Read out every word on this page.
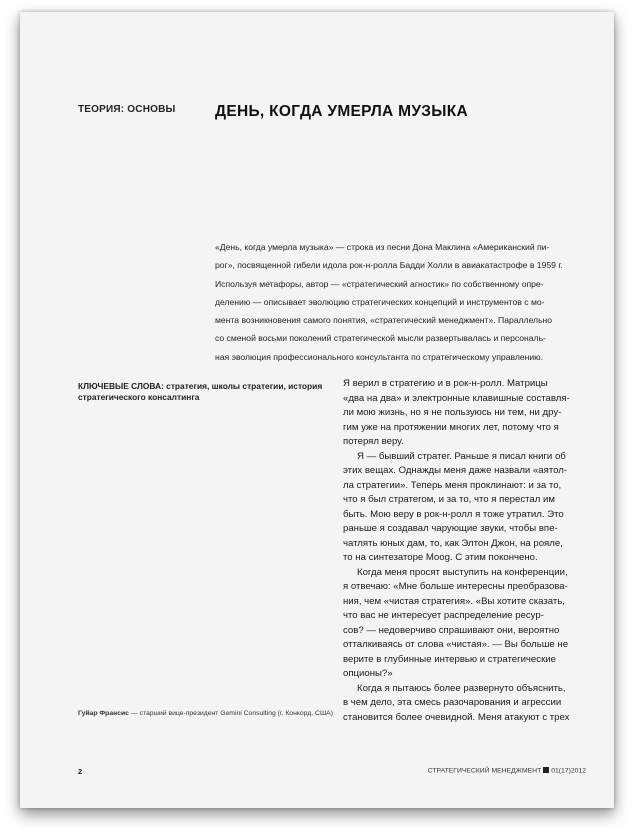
ТЕОРИЯ: ОСНОВЫ	ДЕНЬ, КОГДА УМЕРЛА МУЗЫКА
«День, когда умерла музыка» — строка из песни Дона Маклина «Американский пи-
рог», посвященной гибели идола рок-н-ролла Бадди Холли в авиакатастрофе в 1959 г.
Используя метафоры, автор — «стратегический агностик» по собственному опре-
делению — описывает эволюцию стратегических концепций и инструментов с мо-
мента возникновения самого понятия, «стратегический менеджмент». Параллельно
со сменой восьми поколений стратегической мысли развертывалась и персональ-
ная эволюция профессионального консультанта по стратегическому управлению.
КЛЮЧЕВЫЕ СЛОВА: стратегия, школы стратегии, история стратегического консалтинга
Гуйар Франсис — старший вице-президент Gemini Consulting (г. Конкорд, США)
Я верил в стратегию и в рок-н-ролл. Матрицы
«два на два» и электронные клавишные составля-
ли мою жизнь, но я не пользуюсь ни тем, ни дру-
гим уже на протяжении многих лет, потому что я
потерял веру.
Я — бывший стратег. Раньше я писал книги об
этих вещах. Однажды меня даже назвали «аятол-
ла стратегии». Теперь меня проклинают: и за то,
что я был стратегом, и за то, что я перестал им
быть. Мою веру в рок-н-ролл я тоже утратил. Это
раньше я создавал чарующие звуки, чтобы впе-
чатлять юных дам, то, как Элтон Джон, на рояле,
то на синтезаторе Moog. С этим покончено.
Когда меня просят выступить на конференции,
я отвечаю: «Мне больше интересны преобразова-
ния, чем «чистая стратегия». «Вы хотите сказать,
что вас не интересует распределение ресур-
сов? — недоверчиво спрашивают они, вероятно
отталкиваясь от слова «чистая». — Вы больше не
верите в глубинные интервью и стратегические
опционы?»
Когда я пытаюсь более развернуто объяснить,
в чем дело, эта смесь разочарования и агрессии
становится более очевидной. Меня атакуют с трех
2	СТРАТЕГИЧЕСКИЙ МЕНЕДЖМЕНТ 01(17)2012
